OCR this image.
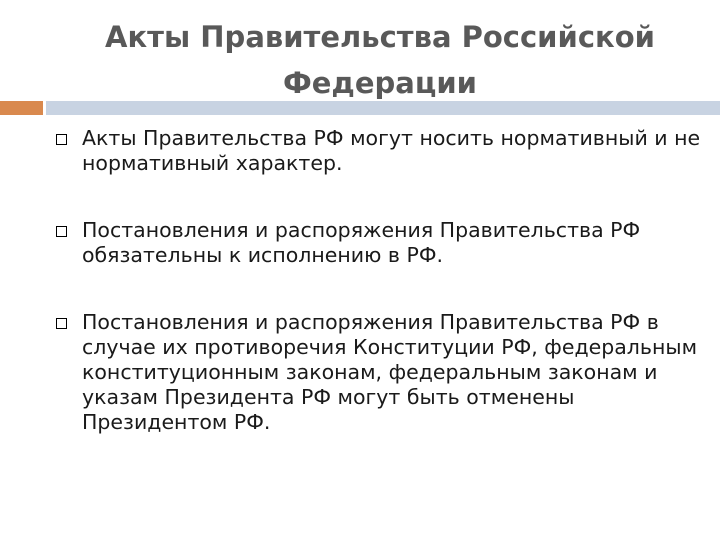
Акты Правительства Российской Федерации
Акты Правительства РФ могут носить нормативный и не нормативный характер.
Постановления и распоряжения Правительства РФ обязательны к исполнению в РФ.
Постановления и распоряжения Правительства РФ в случае их противоречия Конституции РФ, федеральным конституционным законам, федеральным законам и указам Президента РФ могут быть отменены Президентом РФ.
